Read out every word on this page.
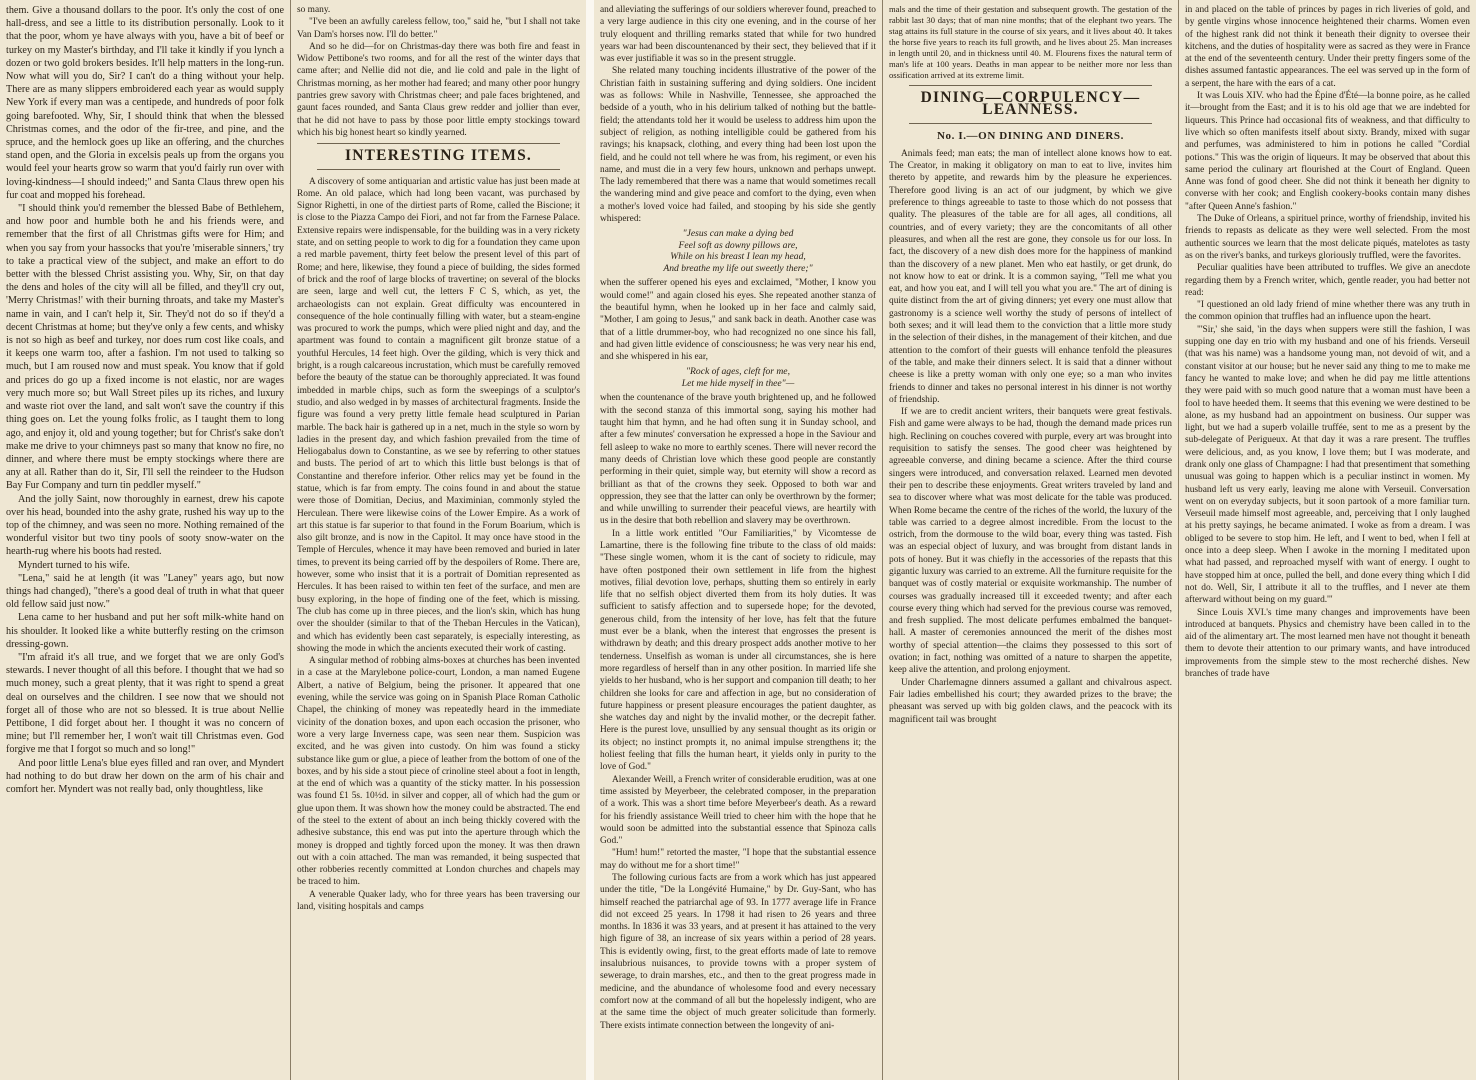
them. Give a thousand dollars to the poor. It's only the cost of one hall-dress, and see a little to its distribution personally. Look to it that the poor, whom ye have always with you, have a bit of beef or turkey on my Master's birthday, and I'll take it kindly if you lynch a dozen or two gold brokers besides. It'll help matters in the long-run. Now what will you do, Sir? I can't do a thing without your help. There are as many slippers embroidered each year as would supply New York if every man was a centipede, and hundreds of poor folk going barefooted. Why, Sir, I should think that when the blessed Christmas comes, and the odor of the fir-tree, and pine, and the spruce, and the hemlock goes up like an offering, and the churches stand open, and the Gloria in excelsis peals up from the organs you would feel your hearts grow so warm that you'd fairly run over with loving-kindness—I should indeed;" and Santa Claus threw open his fur coat and mopped his forehead.

"I should think you'd remember the blessed Babe of Bethlehem, and how poor and humble both he and his friends were, and remember that the first of all Christmas gifts were for Him; and when you say from your hassocks that you're 'miserable sinners,' try to take a practical view of the subject, and make an effort to do better with the blessed Christ assisting you. Why, Sir, on that day the dens and holes of the city will all be filled, and they'll cry out, 'Merry Christmas!' with their burning throats, and take my Master's name in vain, and I can't help it, Sir. They'd not do so if they'd a decent Christmas at home; but they've only a few cents, and whisky is not so high as beef and turkey, nor does rum cost like coals, and it keeps one warm too, after a fashion. I'm not used to talking so much, but I am roused now and must speak. You know that if gold and prices do go up a fixed income is not elastic, nor are wages very much more so; but Wall Street piles up its riches, and luxury and waste riot over the land, and salt won't save the country if this thing goes on. Let the young folks frolic, as I taught them to long ago, and enjoy it, old and young together; but for Christ's sake don't make me drive to your chimneys past so many that know no fire, no dinner, and where there must be empty stockings where there are any at all. Rather than do it, Sir, I'll sell the reindeer to the Hudson Bay Fur Company and turn tin peddler myself."

And the jolly Saint, now thoroughly in earnest, drew his capote over his head, bounded into the ashy grate, rushed his way up to the top of the chimney, and was seen no more. Nothing remained of the wonderful visitor but two tiny pools of sooty snow-water on the hearth-rug where his boots had rested.

Myndert turned to his wife.

"Lena," said he at length (it was "Laney" years ago, but now things had changed), "there's a good deal of truth in what that queer old fellow said just now."

Lena came to her husband and put her soft milk-white hand on his shoulder. It looked like a white butterfly resting on the crimson dressing-gown.

"I'm afraid it's all true, and we forget that we are only God's stewards. I never thought of all this before. I thought that we had so much money, such a great plenty, that it was right to spend a great deal on ourselves and the children. I see now that we should not forget all of those who are not so blessed. It is true about Nellie Pettibone, I did forget about her. I thought it was no concern of mine; but I'll remember her, I won't wait till Christmas even. God forgive me that I forgot so much and so long!"

And poor little Lena's blue eyes filled and ran over, and Myndert had nothing to do but draw her down on the arm of his chair and comfort her. Myndert was not really bad, only thoughtless, like

so many.

"I've been an awfully careless fellow, too," said he, "but I shall not take Van Dam's horses now. I'll do better."

And so he did—for on Christmas-day there was both fire and feast in Widow Pettibone's two rooms, and for all the rest of the winter days that came after; and Nellie did not die, and lie cold and pale in the light of Christmas morning, as her mother had feared; and many other poor hungry pantries grew savory with Christmas cheer; and pale faces brightened, and gaunt faces rounded, and Santa Claus grew redder and jollier than ever, that he did not have to pass by those poor little empty stockings toward which his big honest heart so kindly yearned.

INTERESTING ITEMS.

A discovery of some antiquarian and artistic value has just been made at Rome. An old palace, which had long been vacant, was purchased by Signor Righetti, in one of the dirtiest parts of Rome, called the Biscione; it is close to the Piazza Campo dei Fiori, and not far from the Farnese Palace. Extensive repairs were indispensable, for the building was in a very rickety state, and on setting people to work to dig for a foundation they came upon a red marble pavement, thirty feet below the present level of this part of Rome; and here, likewise, they found a piece of building, the sides formed of brick and the roof of large blocks of travertine; on several of the blocks are seen, large and well cut, the letters F C S, which, as yet, the archaeologists can not explain. Great difficulty was encountered in consequence of the hole continually filling with water, but a steam-engine was procured to work the pumps, which were plied night and day, and the apartment was found to contain a magnificent gilt bronze statue of a youthful Hercules, 14 feet high. Over the gilding, which is very thick and bright, is a rough calcareous incrustation, which must be carefully removed before the beauty of the statue can be thoroughly appreciated. It was found imbedded in marble chips, such as form the sweepings of a sculptor's studio, and also wedged in by masses of architectural fragments. Inside the figure was found a very pretty little female head sculptured in Parian marble. The back hair is gathered up in a net, much in the style so worn by ladies in the present day, and which fashion prevailed from the time of Heliogabalus down to Constantine, as we see by referring to other statues and busts. The period of art to which this little bust belongs is that of Constantine and therefore inferior. Other relics may yet be found in the statue, which is far from empty. The coins found in and about the statue were those of Domitian, Decius, and Maximinian, commonly styled the Herculean. There were likewise coins of the Lower Empire. As a work of art this statue is far superior to that found in the Forum Boarium, which is also gilt bronze, and is now in the Capitol. It may once have stood in the Temple of Hercules, whence it may have been removed and buried in later times, to prevent its being carried off by the despoilers of Rome. There are, however, some who insist that it is a portrait of Domitian represented as Hercules. It has been raised to within ten feet of the surface, and men are busy exploring, in the hope of finding one of the feet, which is missing. The club has come up in three pieces, and the lion's skin, which has hung over the shoulder (similar to that of the Theban Hercules in the Vatican), and which has evidently been cast separately, is especially interesting, as showing the mode in which the ancients executed their work of casting.

A singular method of robbing alms-boxes at churches has been invented in a case at the Marylebone police-court, London, a man named Eugene Albert, a native of Belgium, being the prisoner. It appeared that one evening, while the service was going on in Spanish Place Roman Catholic Chapel, the chinking of money was repeatedly heard in the immediate vicinity of the donation boxes, and upon each occasion the prisoner, who wore a very large Inverness cape, was seen near them. Suspicion was excited, and he was given into custody. On him was found a sticky substance like gum or glue, a piece of leather from the bottom of one of the boxes, and by his side a stout piece of crinoline steel about a foot in length, at the end of which was a quantity of the sticky matter. In his possession was found £1 5s. 10½d. in silver and copper, all of which had the gum or glue upon them. It was shown how the money could be abstracted. The end of the steel to the extent of about an inch being thickly covered with the adhesive substance, this end was put into the aperture through which the money is dropped and tightly forced upon the money. It was then drawn out with a coin attached. The man was remanded, it being suspected that other robberies recently committed at London churches and chapels may be traced to him.

A venerable Quaker lady, who for three years has been traversing our land, visiting hospitals and camps

and alleviating the sufferings of our soldiers wherever found, preached to a very large audience in this city one evening, and in the course of her truly eloquent and thrilling remarks stated that while for two hundred years war had been discountenanced by their sect, they believed that if it was ever justifiable it was so in the present struggle.

She related many touching incidents illustrative of the power of the Christian faith in sustaining suffering and dying soldiers. One incident was as follows: While in Nashville, Tennessee, she approached the bedside of a youth, who in his delirium talked of nothing but the battle-field; the attendants told her it would be useless to address him upon the subject of religion, as nothing intelligible could be gathered from his ravings; his knapsack, clothing, and every thing had been lost upon the field, and he could not tell where he was from, his regiment, or even his name, and must die in a very few hours, unknown and perhaps unwept. The lady remembered that there was a name that would sometimes recall the wandering mind and give peace and comfort to the dying, even when a mother's loved voice had failed, and stooping by his side she gently whispered:

"Jesus can make a dying bed
Feel soft as downy pillows are,
While on his breast I lean my head,
And breathe my life out sweetly there;"

when the sufferer opened his eyes and exclaimed, "Mother, I know you would come!" and again closed his eyes. She repeated another stanza of the beautiful hymn, when he looked up in her face and calmly said, "Mother, I am going to Jesus," and sank back in death. Another case was that of a little drummer-boy, who had recognized no one since his fall, and had given little evidence of consciousness; he was very near his end, and she whispered in his ear,

"Rock of ages, cleft for me,
Let me hide myself in thee"—

when the countenance of the brave youth brightened up, and he followed with the second stanza of this immortal song, saying his mother had taught him that hymn, and he had often sung it in Sunday school, and after a few minutes' conversation he expressed a hope in the Saviour and fell asleep to wake no more to earthly scenes. There will never record the many deeds of Christian love which these good people are constantly performing in their quiet, simple way, but eternity will show a record as brilliant as that of the crowns they seek. Opposed to both war and oppression, they see that the latter can only be overthrown by the former; and while unwilling to surrender their peaceful views, are heartily with us in the desire that both rebellion and slavery may be overthrown.

In a little work entitled "Our Familiarities," by Vicomtesse de Lamartine, there is the following fine tribute to the class of old maids: "These single women, whom it is the cant of society to ridicule, may have often postponed their own settlement in life from the highest motives, filial devotion love, perhaps, shutting them so entirely in early life that no selfish object diverted them from its holy duties. It was sufficient to satisfy affection and to supersede hope; for the devoted, generous child, from the intensity of her love, has felt that the future must ever be a blank, when the interest that engrosses the present is withdrawn by death; and this dreary prospect adds another motive to her tenderness. Unselfish as woman is under all circumstances, she is here more regardless of herself than in any other position. In married life she yields to her husband, who is her support and companion till death; to her children she looks for care and affection in age, but no consideration of future happiness or present pleasure encourages the patient daughter, as she watches day and night by the invalid mother, or the decrepit father. Here is the purest love, unsullied by any sensual thought as its origin or its object; no instinct prompts it, no animal impulse strengthens it; the holiest feeling that fills the human heart, it yields only in purity to the love of God."

Alexander Weill, a French writer of considerable erudition, was at one time assisted by Meyerbeer, the celebrated composer, in the preparation of a work. This was a short time before Meyerbeer's death. As a reward for his friendly assistance Weill tried to cheer him with the hope that he would soon be admitted into the substantial essence that Spinoza calls God."

"Hum! hum!" retorted the master, "I hope that the substantial essence may do without me for a short time!"

The following curious facts are from a work which has just appeared under the title, "De la Longévité Humaine," by Dr. Guy-Sant, who has himself reached the patriarchal age of 93. In 1777 average life in France did not exceed 25 years. In 1798 it had risen to 26 years and three months. In 1836 it was 33 years, and at present it has attained to the very high figure of 38, an increase of six years within a period of 28 years. This is evidently owing, first, to the great efforts made of late to remove insalubrious nuisances, to provide towns with a proper system of sewerage, to drain marshes, etc., and then to the great progress made in medicine, and the abundance of wholesome food and every necessary comfort now at the command of all but the hopelessly indigent, who are at the same time the object of much greater solicitude than formerly. There exists intimate connection between the longevity of ani-

mals and the time of their gestation and subsequent growth. The gestation of the rabbit last 30 days; that of man nine months; that of the elephant two years. The stag attains its full stature in the course of six years, and it lives about 40. It takes the horse five years to reach its full growth, and he lives about 25. Man increases in length until 20, and in thickness until 40. M. Flourens fixes the natural term of man's life at 100 years. Deaths in man appear to be neither more nor less than ossification arrived at its extreme limit.

DINING—CORPULENCY—LEANNESS.
No. I.—ON DINING AND DINERS.

Animals feed; man eats; the man of intellect alone knows how to eat. The Creator, in making it obligatory on man to eat to live, invites him thereto by appetite, and rewards him by the pleasure he experiences. Therefore good living is an act of our judgment, by which we give preference to things agreeable to taste to those which do not possess that quality. The pleasures of the table are for all ages, all conditions, all countries, and of every variety; they are the concomitants of all other pleasures, and when all the rest are gone, they console us for our loss. In fact, the discovery of a new dish does more for the happiness of mankind than the discovery of a new planet. Men who eat hastily, or get drunk, do not know how to eat or drink. It is a common saying, "Tell me what you eat, and how you eat, and I will tell you what you are." The art of dining is quite distinct from the art of giving dinners; yet every one must allow that gastronomy is a science well worthy the study of persons of intellect of both sexes; and it will lead them to the conviction that a little more study in the selection of their dishes, in the management of their kitchen, and due attention to the comfort of their guests will enhance tenfold the pleasures of the table, and make their dinners select. It is said that a dinner without cheese is like a pretty woman with only one eye; so a man who invites friends to dinner and takes no personal interest in his dinner is not worthy of friendship.

If we are to credit ancient writers, their banquets were great festivals. Fish and game were always to be had, though the demand made prices run high. Reclining on couches covered with purple, every art was brought into requisition to satisfy the senses. The good cheer was heightened by agreeable converse, and dining became a science. After the third course singers were introduced, and conversation relaxed. Learned men devoted their pen to describe these enjoyments. Great writers traveled by land and sea to discover where what was most delicate for the table was produced. When Rome became the centre of the riches of the world, the luxury of the table was carried to a degree almost incredible. From the locust to the ostrich, from the dormouse to the wild boar, every thing was tasted. Fish was an especial object of luxury, and was brought from distant lands in pots of honey. But it was chiefly in the accessories of the repasts that this gigantic luxury was carried to an extreme. All the furniture requisite for the banquet was of costly material or exquisite workmanship. The number of courses was gradually increased till it exceeded twenty; and after each course every thing which had served for the previous course was removed, and fresh supplied. The most delicate perfumes embalmed the banquet-hall. A master of ceremonies announced the merit of the dishes most worthy of special attention—the claims they possessed to this sort of ovation; in fact, nothing was omitted of a nature to sharpen the appetite, keep alive the attention, and prolong enjoyment.

Under Charlemagne dinners assumed a gallant and chivalrous aspect. Fair ladies embellished his court; they awarded prizes to the brave; the pheasant was served up with big golden claws, and the peacock with its magnificent tail was brought

in and placed on the table of princes by pages in rich liveries of gold, and by gentle virgins whose innocence heightened their charms. Women even of the highest rank did not think it beneath their dignity to oversee their kitchens, and the duties of hospitality were as sacred as they were in France at the end of the seventeenth century. Under their pretty fingers some of the dishes assumed fantastic appearances. The eel was served up in the form of a serpent, the hare with the ears of a cat.

It was Louis XIV. who had the Épine d'Été—la bonne poire, as he called it—brought from the East; and it is to his old age that we are indebted for liqueurs. This Prince had occasional fits of weakness, and that difficulty to live which so often manifests itself about sixty. Brandy, mixed with sugar and perfumes, was administered to him in potions he called "Cordial potions." This was the origin of liqueurs. It may be observed that about this same period the culinary art flourished at the Court of England. Queen Anne was fond of good cheer. She did not think it beneath her dignity to converse with her cook; and English cookery-books contain many dishes "after Queen Anne's fashion."

The Duke of Orleans, a spirituel prince, worthy of friendship, invited his friends to repasts as delicate as they were well selected. From the most authentic sources we learn that the most delicate piqués, matelotes as tasty as on the river's banks, and turkeys gloriously truffled, were the favorites.

Peculiar qualities have been attributed to truffles. We give an anecdote regarding them by a French writer, which, gentle reader, you had better not read:

"I questioned an old lady friend of mine whether there was any truth in the common opinion that truffles had an influence upon the heart.

"'Sir,' she said, 'in the days when suppers were still the fashion, I was supping one day en trio with my husband and one of his friends. Verseuil (that was his name) was a handsome young man, not devoid of wit, and a constant visitor at our house; but he never said any thing to me to make me fancy he wanted to make love; and when he did pay me little attentions they were paid with so much good nature that a woman must have been a fool to have heeded them. It seems that this evening we were destined to be alone, as my husband had an appointment on business. Our supper was light, but we had a superb volaille truffée, sent to me as a present by the sub-delegate of Perigueux. At that day it was a rare present. The truffles were delicious, and, as you know, I love them; but I was moderate, and drank only one glass of Champagne: I had that presentiment that something unusual was going to happen which is a peculiar instinct in women. My husband left us very early, leaving me alone with Verseuil. Conversation went on on everyday subjects, but it soon partook of a more familiar turn. Verseuil made himself most agreeable, and, perceiving that I only laughed at his pretty sayings, he became animated. I woke as from a dream. I was obliged to be severe to stop him. He left, and I went to bed, when I fell at once into a deep sleep. When I awoke in the morning I meditated upon what had passed, and reproached myself with want of energy. I ought to have stopped him at once, pulled the bell, and done every thing which I did not do. Well, Sir, I attribute it all to the truffles, and I never ate them afterward without being on my guard.'"

Since Louis XVI.'s time many changes and improvements have been introduced at banquets. Physics and chemistry have been called in to the aid of the alimentary art. The most learned men have not thought it beneath them to devote their attention to our primary wants, and have introduced improvements from the simple stew to the most recherché dishes. New branches of trade have
